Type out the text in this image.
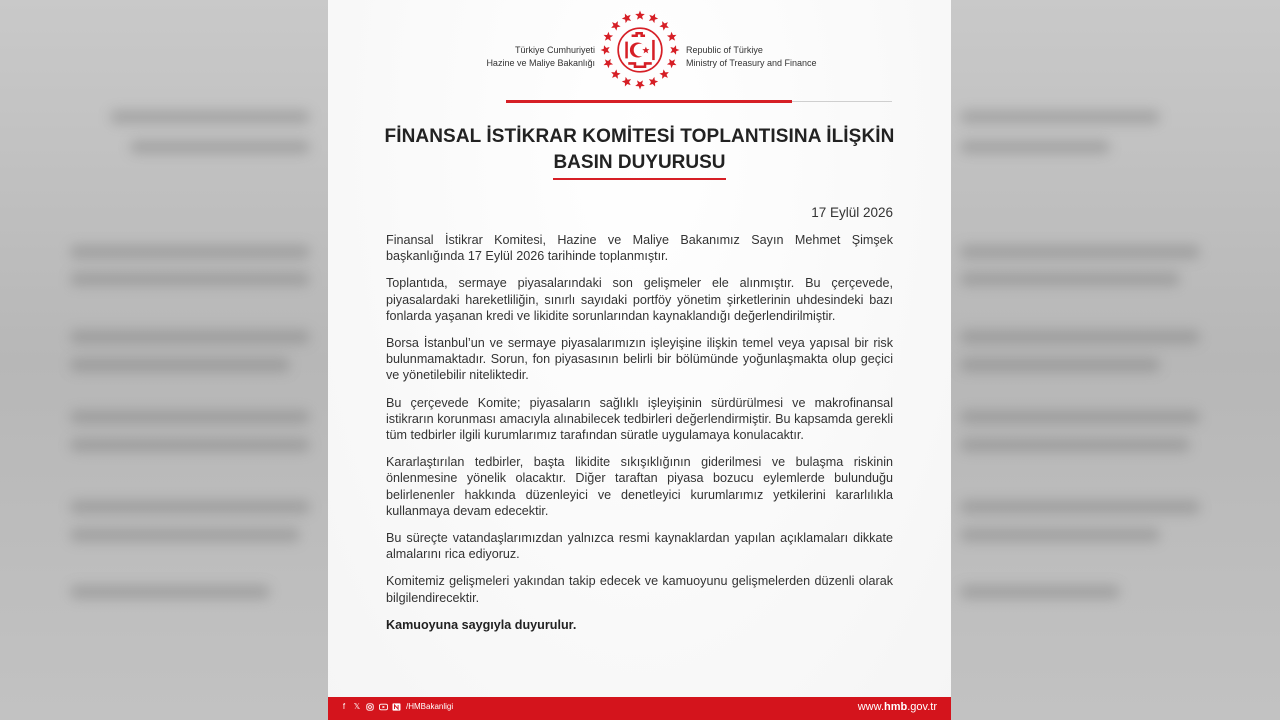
Türkiye Cumhuriyeti
Hazine ve Maliye Bakanlığı
Republic of Türkiye
Ministry of Treasury and Finance
FİNANSAL İSTİKRAR KOMİTESİ TOPLANTISINA İLİŞKİN
BASIN DUYURUSU
17 Eylül 2026

Finansal İstikrar Komitesi, Hazine ve Maliye Bakanımız Sayın Mehmet Şimşek başkanlığında 17 Eylül 2026 tarihinde toplanmıştır.

Toplantıda, sermaye piyasalarındaki son gelişmeler ele alınmıştır. Bu çerçevede, piyasalardaki hareketliliğin, sınırlı sayıdaki portföy yönetim şirketlerinin uhdesindeki bazı fonlarda yaşanan kredi ve likidite sorunlarından kaynaklandığı değerlendirilmiştir.

Borsa İstanbul’un ve sermaye piyasalarımızın işleyişine ilişkin temel veya yapısal bir risk bulunmamaktadır. Sorun, fon piyasasının belirli bir bölümünde yoğunlaşmakta olup geçici ve yönetilebilir niteliktedir.

Bu çerçevede Komite; piyasaların sağlıklı işleyişinin sürdürülmesi ve makrofinansal istikrarın korunması amacıyla alınabilecek tedbirleri değerlendirmiştir. Bu kapsamda gerekli tüm tedbirler ilgili kurumlarımız tarafından süratle uygulamaya konulacaktır.

Kararlaştırılan tedbirler, başta likidite sıkışıklığının giderilmesi ve bulaşma riskinin önlenmesine yönelik olacaktır. Diğer taraftan piyasa bozucu eylemlerde bulunduğu belirlenenler hakkında düzenleyici ve denetleyici kurumlarımız yetkilerini kararlılıkla kullanmaya devam edecektir.

Bu süreçte vatandaşlarımızdan yalnızca resmi kaynaklardan yapılan açıklamaları dikkate almalarını rica ediyoruz.

Komitemiz gelişmeleri yakından takip edecek ve kamuoyunu gelişmelerden düzenli olarak bilgilendirecektir.

Kamuoyuna saygıyla duyurulur.

f	𝕏	/HMBakanligi	www.hmb.gov.tr
